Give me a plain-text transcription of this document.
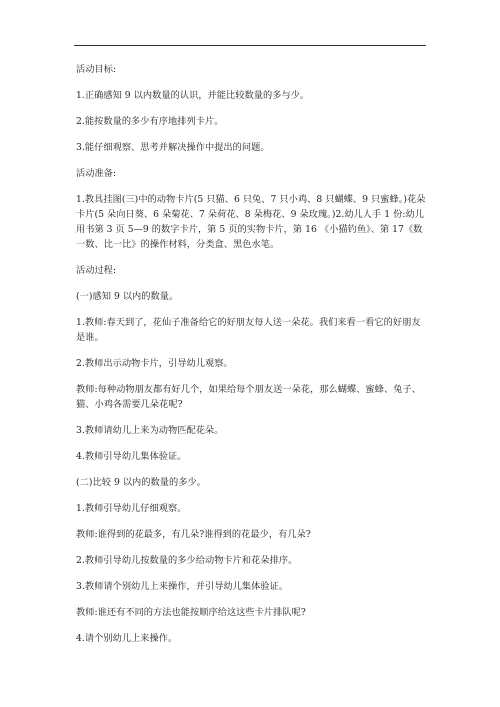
活动目标:

1.正确感知 9 以内数量的认识，并能比较数量的多与少。

2.能按数量的多少有序地排列卡片。

3.能仔细观察、思考并解决操作中提出的问题。

活动准备:

1.教具挂图(三)中的动物卡片(5 只猫、6 只兔、7 只小鸡、8 只蝴蝶、9 只蜜蜂。)花朵卡片(5 朵向日葵、6 朵菊花、7 朵荷花、8 朵梅花、9 朵玫瑰。)2.幼儿人手 1 份:幼儿用书第 3 页 5—9 的数字卡片，第 5 页的实物卡片，第 16 《小猫钓鱼》、第 17《数一数、比一比》的操作材料，分类盒、黑色水笔。

活动过程:

(一)感知 9 以内的数量。

1.教师:春天到了，花仙子准备给它的好朋友每人送一朵花。我们来看一看它的好朋友是谁。

2.教师出示动物卡片，引导幼儿观察。

教师:每种动物朋友都有好几个，如果给每个朋友送一朵花，那么蝴蝶、蜜蜂、兔子、猫、小鸡各需要几朵花呢?

3.教师请幼儿上来为动物匹配花朵。

4.教师引导幼儿集体验证。

(二)比较 9 以内的数量的多少。

1.教师引导幼儿仔细观察。

教师:谁得到的花最多，有几朵?谁得到的花最少，有几朵?

2.教师引导幼儿按数量的多少给动物卡片和花朵排序。

3.教师请个别幼儿上来操作，并引导幼儿集体验证。

教师:谁还有不同的方法也能按顺序给这这些卡片排队呢?

4.请个别幼儿上来操作。
